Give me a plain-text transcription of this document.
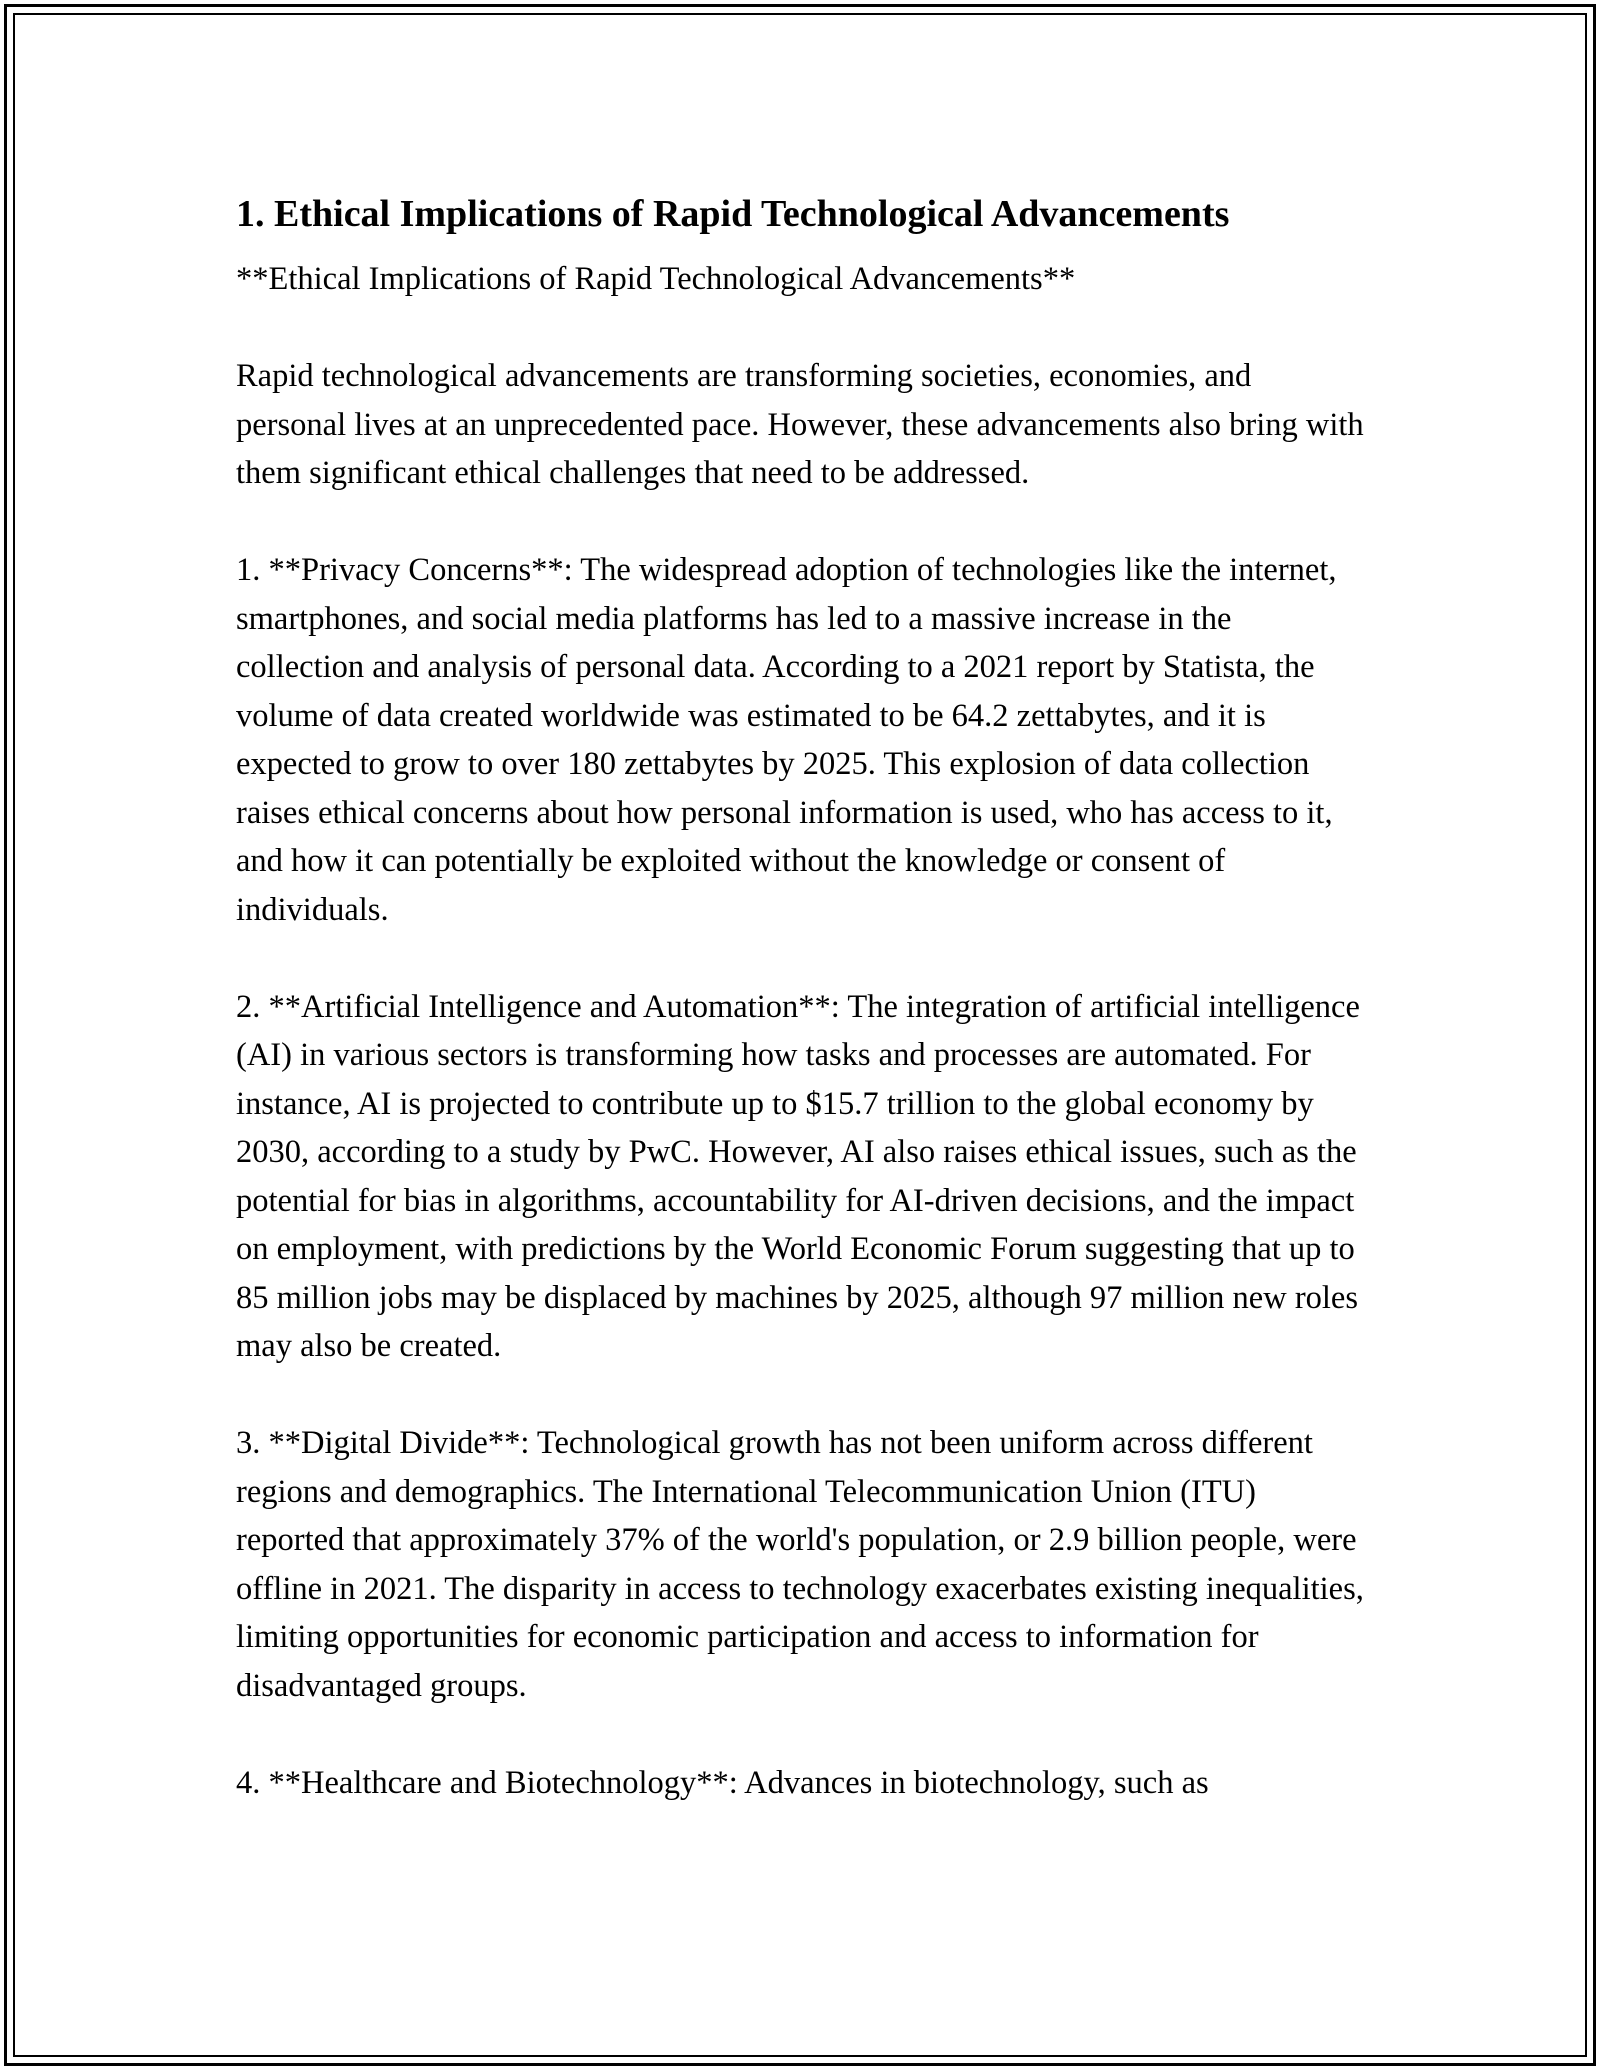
1. Ethical Implications of Rapid Technological Advancements

**Ethical Implications of Rapid Technological Advancements**

Rapid technological advancements are transforming societies, economies, and personal lives at an unprecedented pace. However, these advancements also bring with them significant ethical challenges that need to be addressed.

1. **Privacy Concerns**: The widespread adoption of technologies like the internet, smartphones, and social media platforms has led to a massive increase in the collection and analysis of personal data. According to a 2021 report by Statista, the volume of data created worldwide was estimated to be 64.2 zettabytes, and it is expected to grow to over 180 zettabytes by 2025. This explosion of data collection raises ethical concerns about how personal information is used, who has access to it, and how it can potentially be exploited without the knowledge or consent of individuals.

2. **Artificial Intelligence and Automation**: The integration of artificial intelligence (AI) in various sectors is transforming how tasks and processes are automated. For instance, AI is projected to contribute up to $15.7 trillion to the global economy by 2030, according to a study by PwC. However, AI also raises ethical issues, such as the potential for bias in algorithms, accountability for AI-driven decisions, and the impact on employment, with predictions by the World Economic Forum suggesting that up to 85 million jobs may be displaced by machines by 2025, although 97 million new roles may also be created.

3. **Digital Divide**: Technological growth has not been uniform across different regions and demographics. The International Telecommunication Union (ITU) reported that approximately 37% of the world's population, or 2.9 billion people, were offline in 2021. The disparity in access to technology exacerbates existing inequalities, limiting opportunities for economic participation and access to information for disadvantaged groups.

4. **Healthcare and Biotechnology**: Advances in biotechnology, such as
